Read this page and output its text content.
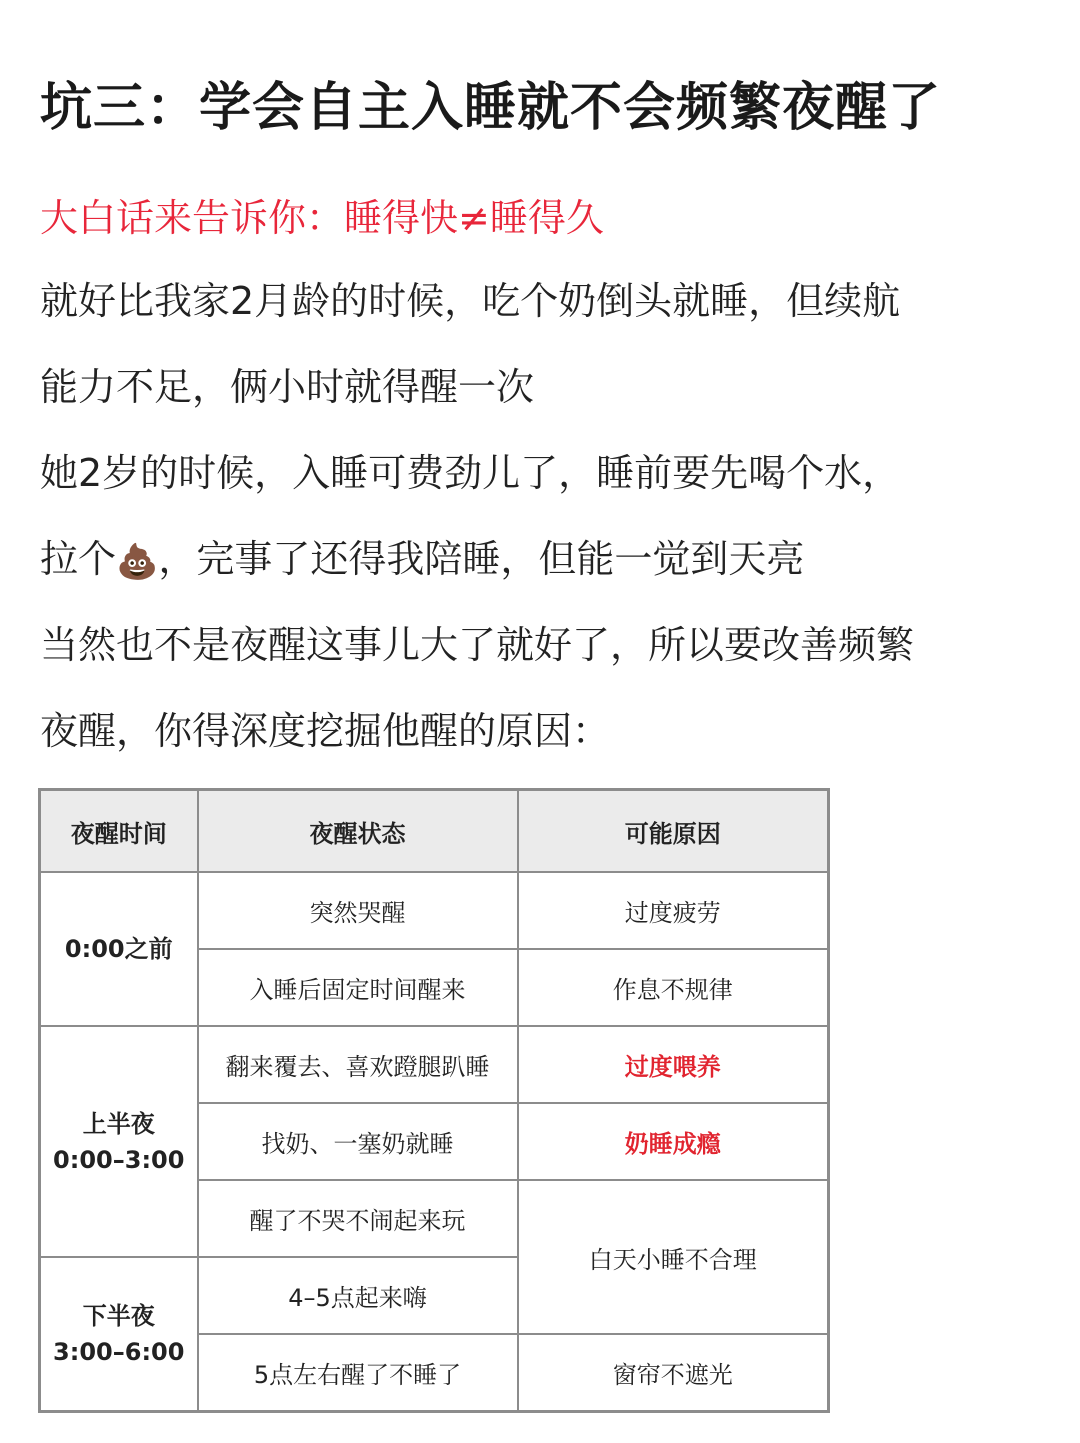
坑三：学会自主入睡就不会频繁夜醒了
大白话来告诉你：睡得快≠睡得久
就好比我家2月龄的时候，吃个奶倒头就睡，但续航
能力不足，俩小时就得醒一次
她2岁的时候，入睡可费劲儿了，睡前要先喝个水，
拉个💩，完事了还得我陪睡，但能一觉到天亮
当然也不是夜醒这事儿大了就好了，所以要改善频繁
夜醒，你得深度挖掘他醒的原因：
夜醒时间	夜醒状态	可能原因
0:00之前	突然哭醒	过度疲劳
	入睡后固定时间醒来	作息不规律

上半夜
0:00–3:00	翻来覆去、喜欢蹬腿趴睡	过度喂养
	找奶、一塞奶就睡	奶睡成瘾
	醒了不哭不闹起来玩	白天小睡不合理

下半夜
3:00–6:00	4–5点起来嗨	
	5点左右醒了不睡了	窗帘不遮光
